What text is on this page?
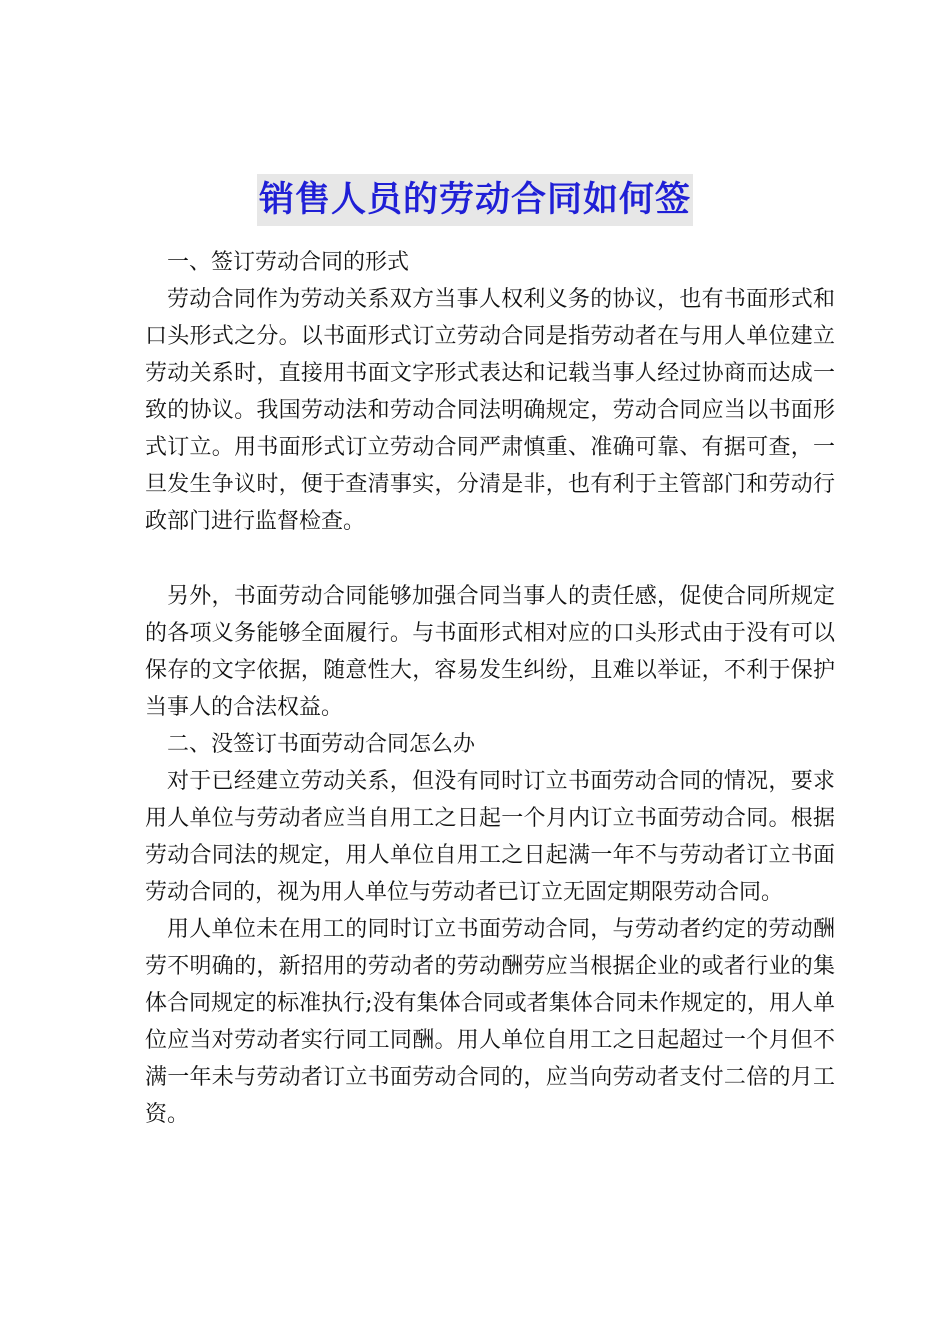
销售人员的劳动合同如何签

一、签订劳动合同的形式

劳动合同作为劳动关系双方当事人权利义务的协议，也有书面形式和口头形式之分。以书面形式订立劳动合同是指劳动者在与用人单位建立劳动关系时，直接用书面文字形式表达和记载当事人经过协商而达成一致的协议。我国劳动法和劳动合同法明确规定，劳动合同应当以书面形式订立。用书面形式订立劳动合同严肃慎重、准确可靠、有据可查，一旦发生争议时，便于查清事实，分清是非，也有利于主管部门和劳动行政部门进行监督检查。

另外，书面劳动合同能够加强合同当事人的责任感，促使合同所规定的各项义务能够全面履行。与书面形式相对应的口头形式由于没有可以保存的文字依据，随意性大，容易发生纠纷，且难以举证，不利于保护当事人的合法权益。

二、没签订书面劳动合同怎么办

对于已经建立劳动关系，但没有同时订立书面劳动合同的情况，要求用人单位与劳动者应当自用工之日起一个月内订立书面劳动合同。根据劳动合同法的规定，用人单位自用工之日起满一年不与劳动者订立书面劳动合同的，视为用人单位与劳动者已订立无固定期限劳动合同。

用人单位未在用工的同时订立书面劳动合同，与劳动者约定的劳动酬劳不明确的，新招用的劳动者的劳动酬劳应当根据企业的或者行业的集体合同规定的标准执行;没有集体合同或者集体合同未作规定的，用人单位应当对劳动者实行同工同酬。用人单位自用工之日起超过一个月但不满一年未与劳动者订立书面劳动合同的，应当向劳动者支付二倍的月工资。
